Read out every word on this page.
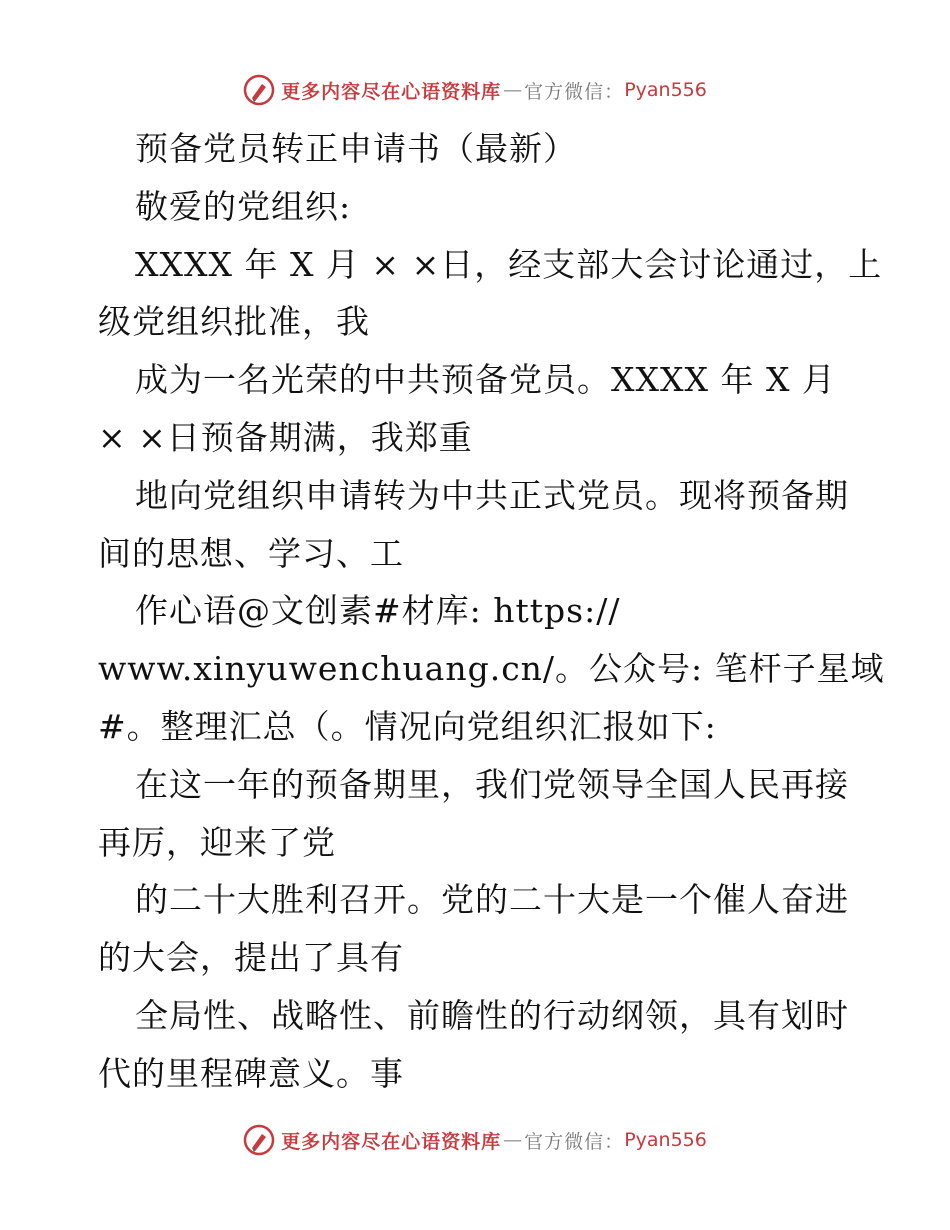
更多内容尽在心语资料库 — 官方微信： Pyan556
预备党员转正申请书（最新）
敬爱的党组织:
XXXX 年 X 月 × ×日，经支部大会讨论通过，上
级党组织批准，我
成为一名光荣的中共预备党员。XXXX 年 X 月
× ×日预备期满，我郑重
地向党组织申请转为中共正式党员。现将预备期
间的思想、学习、工
作心语@文创素#材库: https://
www.xinyuwenchuang.cn/。公众号: 笔杆子星域
#。整理汇总（。情况向党组织汇报如下:
在这一年的预备期里，我们党领导全国人民再接
再厉，迎来了党
的二十大胜利召开。党的二十大是一个催人奋进
的大会，提出了具有
全局性、战略性、前瞻性的行动纲领，具有划时
代的里程碑意义。事
更多内容尽在心语资料库 — 官方微信： Pyan556
